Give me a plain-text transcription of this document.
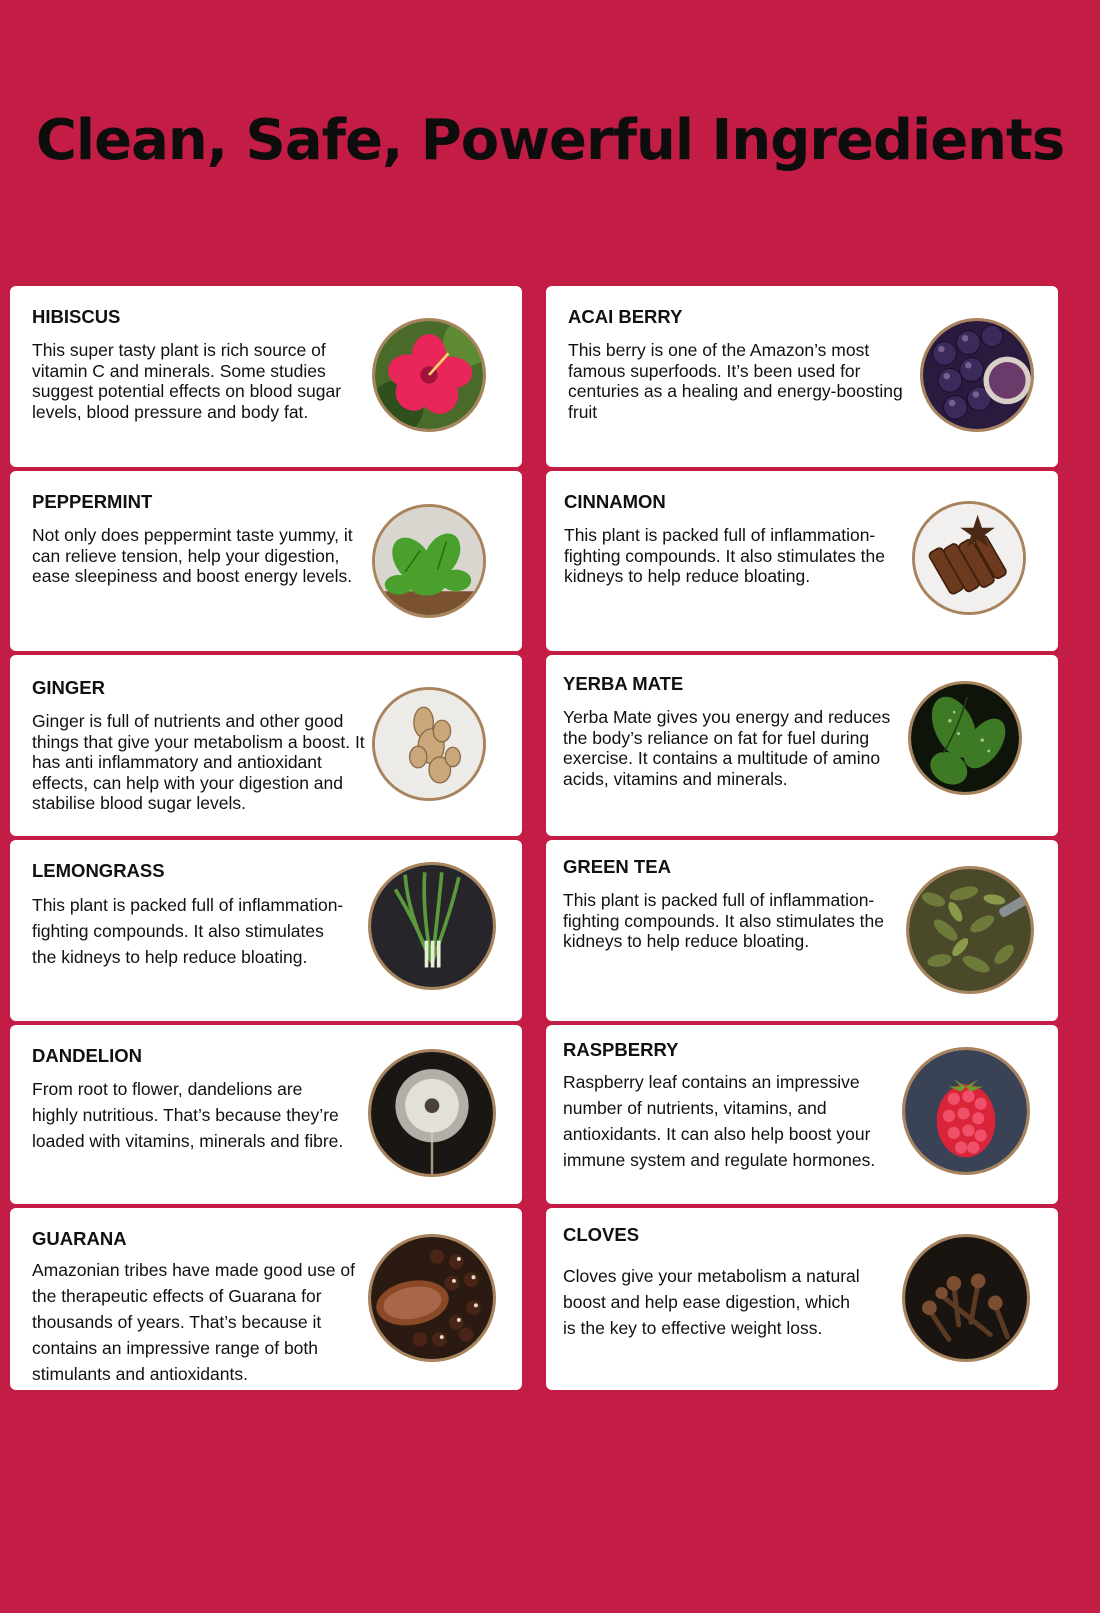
Clean, Safe, Powerful Ingredients
HIBISCUS

This super tasty plant is rich source of vitamin C and minerals. Some studies suggest potential effects on blood sugar levels, blood pressure and body fat.

ACAI BERRY

This berry is one of the Amazon’s most famous superfoods. It’s been used for centuries as a healing and energy-boosting fruit

PEPPERMINT

Not only does peppermint taste yummy, it can relieve tension, help your digestion, ease sleepiness and boost energy levels.

CINNAMON

This plant is packed full of inflammation-fighting compounds. It also stimulates the kidneys to help reduce bloating.

GINGER

Ginger is full of nutrients and other good things that give your metabolism a boost. It has anti inflammatory and antioxidant effects, can help with your digestion and stabilise blood sugar levels.

YERBA MATE

Yerba Mate gives you energy and reduces the body’s reliance on fat for fuel during exercise. It contains a multitude of amino acids, vitamins and minerals.

LEMONGRASS

This plant is packed full of inflammation-fighting compounds. It also stimulates the kidneys to help reduce bloating.

GREEN TEA

This plant is packed full of inflammation-fighting compounds. It also stimulates the kidneys to help reduce bloating.

DANDELION

From root to flower, dandelions are highly nutritious. That’s because they’re loaded with vitamins, minerals and fibre.

RASPBERRY

Raspberry leaf contains an impressive number of nutrients, vitamins, and antioxidants. It can also help boost your immune system and regulate hormones.

GUARANA

Amazonian tribes have made good use of the therapeutic effects of Guarana for thousands of years. That’s because it contains an impressive range of both stimulants and antioxidants.

CLOVES

Cloves give your metabolism a natural boost and help ease digestion, which is the key to effective weight loss.
